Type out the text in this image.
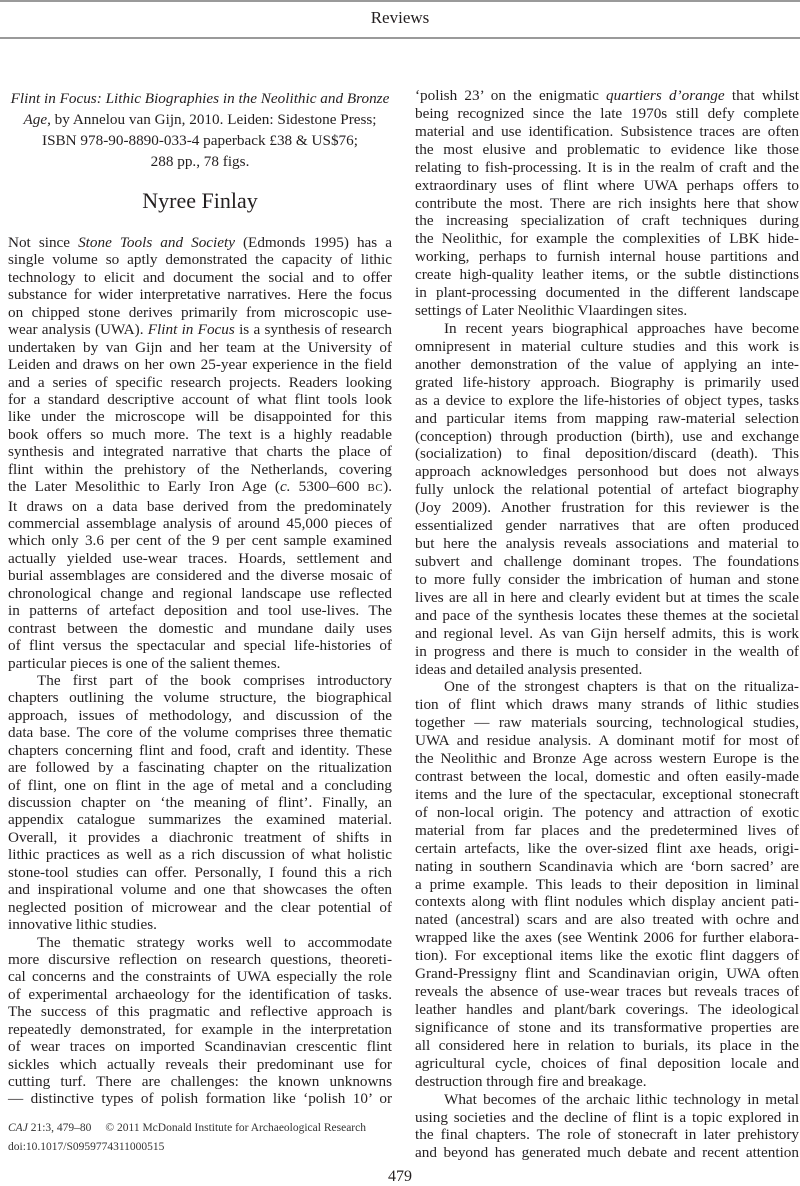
Reviews
Flint in Focus: Lithic Biographies in the Neolithic and Bronze
Age, by Annelou van Gijn, 2010. Leiden: Sidestone Press;
ISBN 978-90-8890-033-4 paperback £38 & US$76;
288 pp., 78 figs.
Nyree Finlay
Not since Stone Tools and Society (Edmonds 1995) has a
single volume so aptly demonstrated the capacity of lithic
technology to elicit and document the social and to offer
substance for wider interpretative narratives. Here the focus
on chipped stone derives primarily from microscopic use-
wear analysis (UWA). Flint in Focus is a synthesis of research
undertaken by van Gijn and her team at the University of
Leiden and draws on her own 25-year experience in the field
and a series of specific research projects. Readers looking
for a standard descriptive account of what flint tools look
like under the microscope will be disappointed for this
book offers so much more. The text is a highly readable
synthesis and integrated narrative that charts the place of
flint within the prehistory of the Netherlands, covering
the Later Mesolithic to Early Iron Age (c. 5300–600 BC).
It draws on a data base derived from the predominately
commercial assemblage analysis of around 45,000 pieces of
which only 3.6 per cent of the 9 per cent sample examined
actually yielded use-wear traces. Hoards, settlement and
burial assemblages are considered and the diverse mosaic of
chronological change and regional landscape use reflected
in patterns of artefact deposition and tool use-lives. The
contrast between the domestic and mundane daily uses
of flint versus the spectacular and special life-histories of
particular pieces is one of the salient themes.
The first part of the book comprises introductory
chapters outlining the volume structure, the biographical
approach, issues of methodology, and discussion of the
data base. The core of the volume comprises three thematic
chapters concerning flint and food, craft and identity. These
are followed by a fascinating chapter on the ritualization
of flint, one on flint in the age of metal and a concluding
discussion chapter on ‘the meaning of flint’. Finally, an
appendix catalogue summarizes the examined material.
Overall, it provides a diachronic treatment of shifts in
lithic practices as well as a rich discussion of what holistic
stone-tool studies can offer. Personally, I found this a rich
and inspirational volume and one that showcases the often
neglected position of microwear and the clear potential of
innovative lithic studies.
The thematic strategy works well to accommodate
more discursive reflection on research questions, theoreti-
cal concerns and the constraints of UWA especially the role
of experimental archaeology for the identification of tasks.
The success of this pragmatic and reflective approach is
repeatedly demonstrated, for example in the interpretation
of wear traces on imported Scandinavian crescentic flint
sickles which actually reveals their predominant use for
cutting turf. There are challenges: the known unknowns
— distinctive types of polish formation like ‘polish 10’ or
‘polish 23’ on the enigmatic quartiers d’orange that whilst
being recognized since the late 1970s still defy complete
material and use identification. Subsistence traces are often
the most elusive and problematic to evidence like those
relating to fish-processing. It is in the realm of craft and the
extraordinary uses of flint where UWA perhaps offers to
contribute the most. There are rich insights here that show
the increasing specialization of craft techniques during
the Neolithic, for example the complexities of LBK hide-
working, perhaps to furnish internal house partitions and
create high-quality leather items, or the subtle distinctions
in plant-processing documented in the different landscape
settings of Later Neolithic Vlaardingen sites.
In recent years biographical approaches have become
omnipresent in material culture studies and this work is
another demonstration of the value of applying an inte-
grated life-history approach. Biography is primarily used
as a device to explore the life-histories of object types, tasks
and particular items from mapping raw-material selection
(conception) through production (birth), use and exchange
(socialization) to final deposition/discard (death). This
approach acknowledges personhood but does not always
fully unlock the relational potential of artefact biography
(Joy 2009). Another frustration for this reviewer is the
essentialized gender narratives that are often produced
but here the analysis reveals associations and material to
subvert and challenge dominant tropes. The foundations
to more fully consider the imbrication of human and stone
lives are all in here and clearly evident but at times the scale
and pace of the synthesis locates these themes at the societal
and regional level. As van Gijn herself admits, this is work
in progress and there is much to consider in the wealth of
ideas and detailed analysis presented.
One of the strongest chapters is that on the ritualiza-
tion of flint which draws many strands of lithic studies
together — raw materials sourcing, technological studies,
UWA and residue analysis. A dominant motif for most of
the Neolithic and Bronze Age across western Europe is the
contrast between the local, domestic and often easily-made
items and the lure of the spectacular, exceptional stonecraft
of non-local origin. The potency and attraction of exotic
material from far places and the predetermined lives of
certain artefacts, like the over-sized flint axe heads, origi-
nating in southern Scandinavia which are ‘born sacred’ are
a prime example. This leads to their deposition in liminal
contexts along with flint nodules which display ancient pati-
nated (ancestral) scars and are also treated with ochre and
wrapped like the axes (see Wentink 2006 for further elabora-
tion). For exceptional items like the exotic flint daggers of
Grand-Pressigny flint and Scandinavian origin, UWA often
reveals the absence of use-wear traces but reveals traces of
leather handles and plant/bark coverings. The ideological
significance of stone and its transformative properties are
all considered here in relation to burials, its place in the
agricultural cycle, choices of final deposition locale and
destruction through fire and breakage.
What becomes of the archaic lithic technology in metal
using societies and the decline of flint is a topic explored in
the final chapters. The role of stonecraft in later prehistory
and beyond has generated much debate and recent attention
CAJ 21:3, 479–80 © 2011 McDonald Institute for Archaeological Research
doi:10.1017/S0959774311000515
479
